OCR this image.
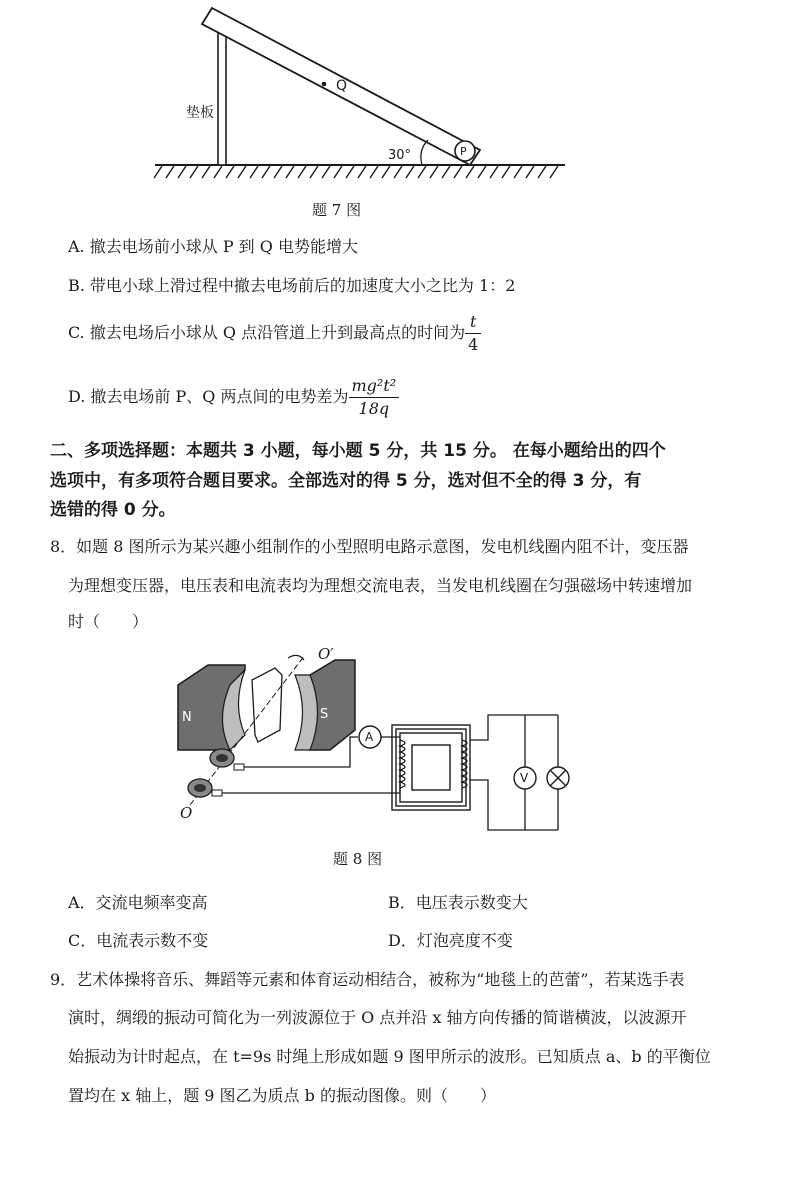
垫板
Q
P
30°
题 7 图
A. 撤去电场前小球从 P 到 Q 电势能增大
B. 带电小球上滑过程中撤去电场前后的加速度大小之比为 1：2
C. 撤去电场后小球从 Q 点沿管道上升到最高点的时间为 $\frac{t}{4}$
D. 撤去电场前 P、Q 两点间的电势差为 $\frac{\text{mg²t²}}{18q}$
二、多项选择题：本题共 3 小题，每小题 5 分，共 15 分。 在每小题给出的四个
选项中，有多项符合题目要求。全部选对的得 5 分，选对但不全的得 3 分，有
选错的得 0 分。
8．如题 8 图所示为某兴趣小组制作的小型照明电路示意图，发电机线圈内阻不计，变压器
为理想变压器，电压表和电流表均为理想交流电表，当发电机线圈在匀强磁场中转速增加
时（　　）
N	S
O
O′
A
V
题 8 图
A．交流电频率变高	B．电压表示数变大
C．电流表示数不变	D．灯泡亮度不变
9．艺术体操将音乐、舞蹈等元素和体育运动相结合，被称为“地毯上的芭蕾”，若某选手表
演时，绸缎的振动可简化为一列波源位于 O 点并沿 x 轴方向传播的简谐横波，以波源开
始振动为计时起点，在 t=9s 时绳上形成如题 9 图甲所示的波形。已知质点 a、b 的平衡位
置均在 x 轴上，题 9 图乙为质点 b 的振动图像。则（　　）
